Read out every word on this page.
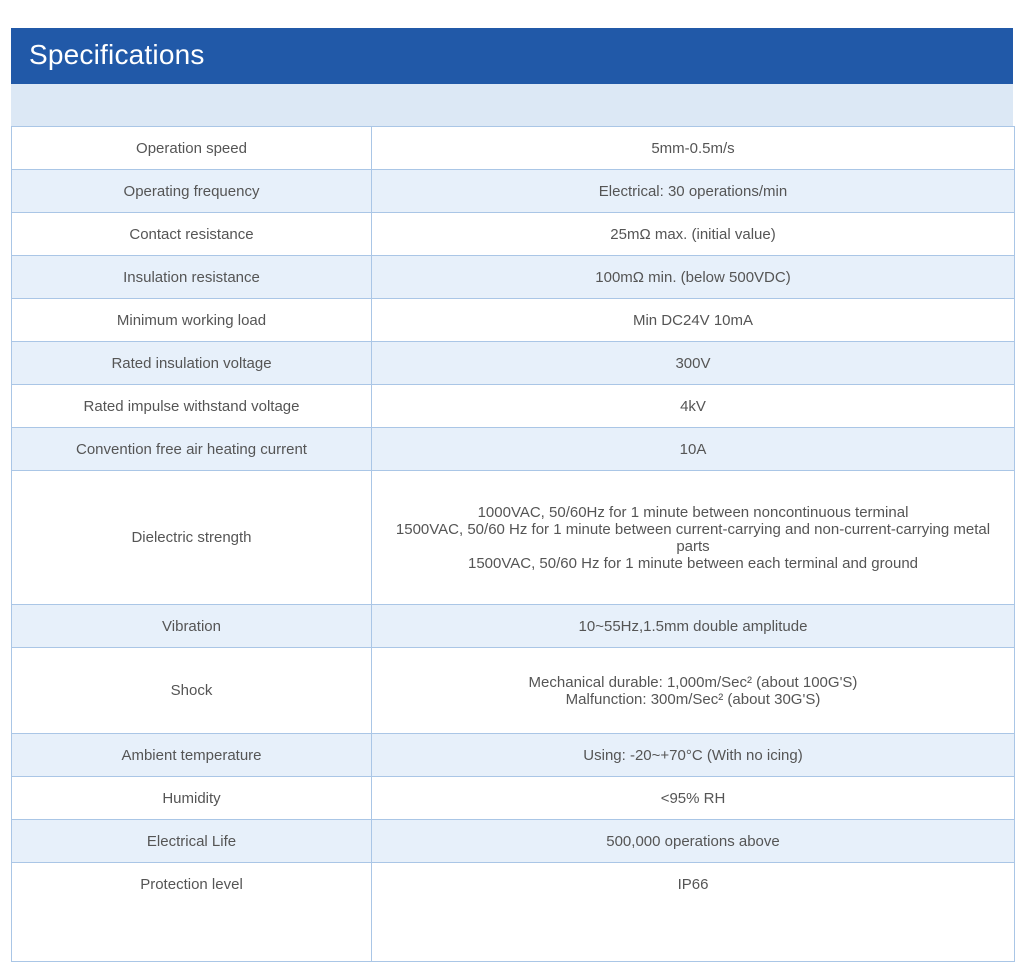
Specifications
Operation speed	5mm-0.5m/s
Operating frequency	Electrical: 30 operations/min
Contact resistance	25mΩ max. (initial value)
Insulation resistance	100mΩ min. (below 500VDC)
Minimum working load	Min DC24V 10mA
Rated insulation voltage	300V
Rated impulse withstand voltage	4kV
Convention free air heating current	10A
Dielectric strength	1000VAC, 50/60Hz for 1 minute between noncontinuous terminal
1500VAC, 50/60 Hz for 1 minute between current-carrying and non-current-carrying metal parts
1500VAC, 50/60 Hz for 1 minute between each terminal and ground

Vibration	10~55Hz,1.5mm double amplitude
Shock	Mechanical durable: 1,000m/Sec² (about 100G'S)
Malfunction: 300m/Sec² (about 30G'S)

Ambient temperature	Using: -20~+70°C (With no icing)
Humidity	<95% RH
Electrical Life	500,000 operations above
Protection level	IP66
